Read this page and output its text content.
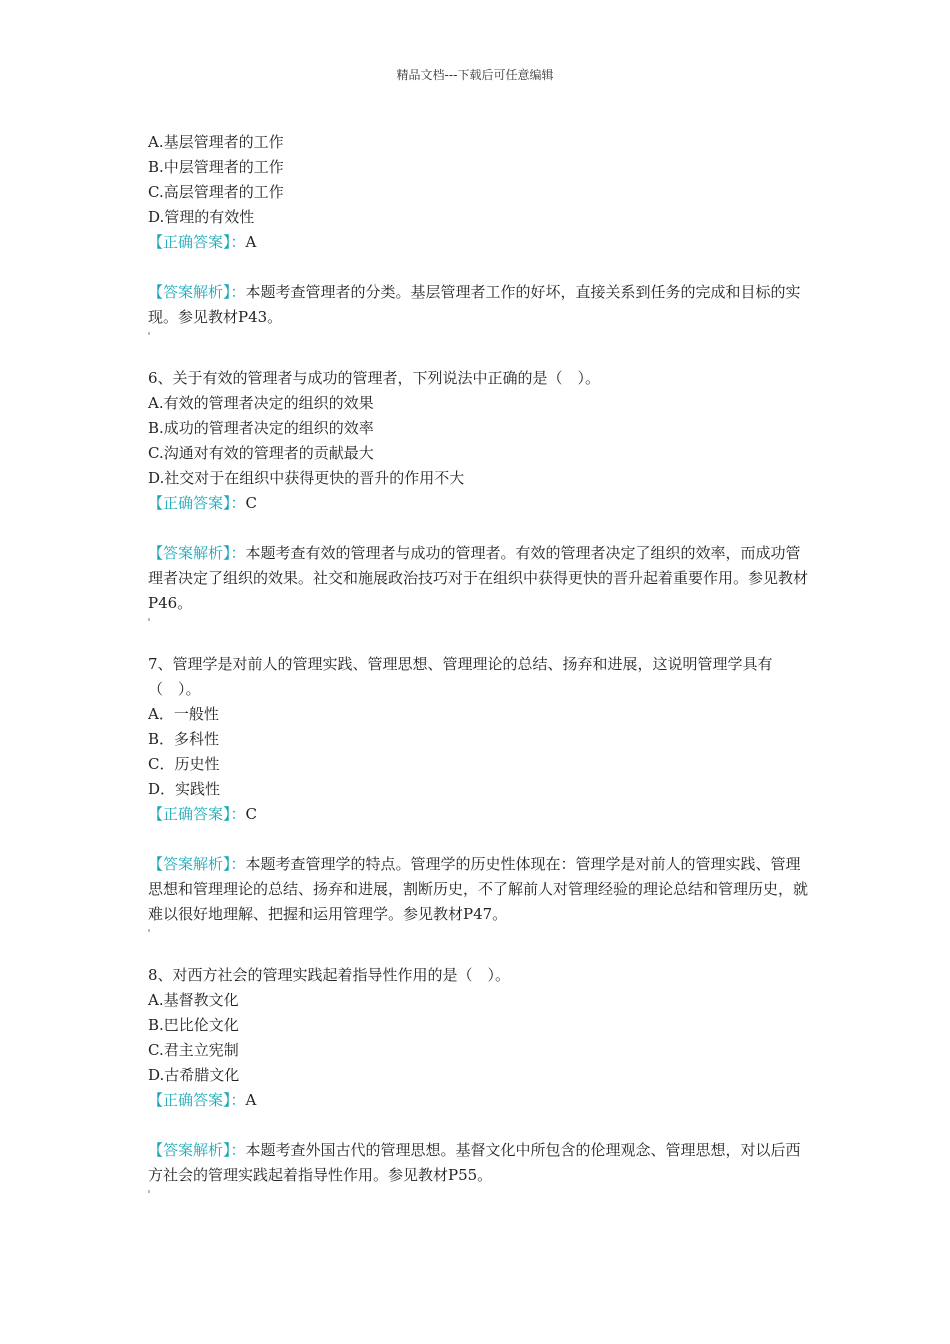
精品文档---下载后可任意编辑
A.基层管理者的工作
B.中层管理者的工作
C.高层管理者的工作
D.管理的有效性
【正确答案】：A
【答案解析】：本题考查管理者的分类。基层管理者工作的好坏，直接关系到任务的完成和目标的实现。参见教材P43。
6、关于有效的管理者与成功的管理者，下列说法中正确的是（　）。
A.有效的管理者决定的组织的效果
B.成功的管理者决定的组织的效率
C.沟通对有效的管理者的贡献最大
D.社交对于在组织中获得更快的晋升的作用不大
【正确答案】：C
【答案解析】：本题考查有效的管理者与成功的管理者。有效的管理者决定了组织的效率，而成功管理者决定了组织的效果。社交和施展政治技巧对于在组织中获得更快的晋升起着重要作用。参见教材P46。
7、管理学是对前人的管理实践、管理思想、管理理论的总结、扬弃和进展，这说明管理学具有（　）。
A．一般性
B．多科性
C．历史性
D．实践性
【正确答案】：C
【答案解析】：本题考查管理学的特点。管理学的历史性体现在：管理学是对前人的管理实践、管理思想和管理理论的总结、扬弃和进展，割断历史，不了解前人对管理经验的理论总结和管理历史，就难以很好地理解、把握和运用管理学。参见教材P47。
8、对西方社会的管理实践起着指导性作用的是（　）。
A.基督教文化
B.巴比伦文化
C.君主立宪制
D.古希腊文化
【正确答案】：A
【答案解析】：本题考查外国古代的管理思想。基督文化中所包含的伦理观念、管理思想，对以后西方社会的管理实践起着指导性作用。参见教材P55。
